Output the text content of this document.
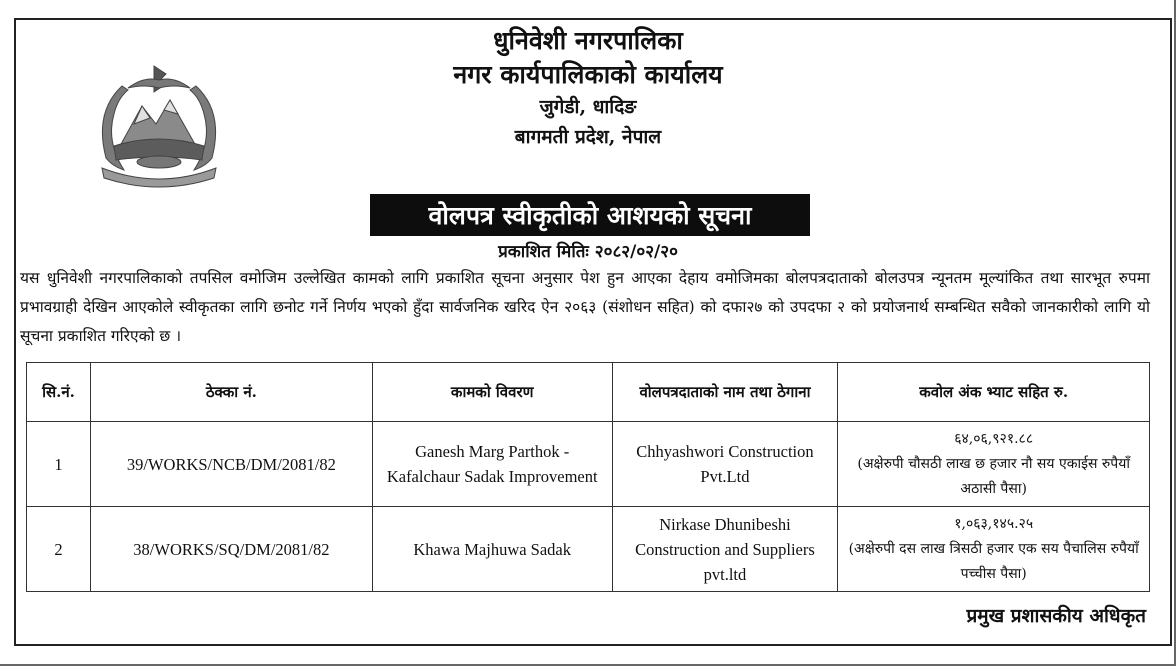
धुनिवेशी नगरपालिका
नगर कार्यपालिकाको कार्यालय
जुगेडी, धादिङ
बागमती प्रदेश, नेपाल
वोलपत्र स्वीकृतीको आशयको सूचना
प्रकाशित मितिः २०८२/०२/२०
यस धुनिवेशी नगरपालिकाको तपसिल वमोजिम उल्लेखित कामको लागि प्रकाशित सूचना अनुसार पेश हुन आएका देहाय वमोजिमका बोलपत्रदाताको बोलउपत्र न्यूनतम मूल्यांकित तथा सारभूत रुपमा प्रभावग्राही देखिन आएकोले स्वीकृतका लागि छनोट गर्ने निर्णय भएको हुँदा सार्वजनिक खरिद ऐन २०६३ (संशोधन सहित) को दफा२७ को उपदफा २ को प्रयोजनार्थ सम्बन्धित सवैको जानकारीको लागि यो सूचना प्रकाशित गरिएको छ ।
सि.नं.	ठेक्का नं.	कामको विवरण	वोलपत्रदाताको नाम तथा ठेगाना	कवोल अंक भ्याट सहित रु.
1	39/WORKS/NCB/DM/2081/82	Ganesh Marg Parthok - Kafalchaur Sadak Improvement	Chhyashwori Construction Pvt.Ltd	६४,०६,९२१.८८
(अक्षेरुपी चौसठी लाख छ हजार नौ सय एकाईस रुपैयाँ अठासी पैसा)

2	38/WORKS/SQ/DM/2081/82	Khawa Majhuwa Sadak	Nirkase Dhunibeshi Construction and Suppliers pvt.ltd	१,०६३,१४५.२५
(अक्षेरुपी दस लाख त्रिसठी हजार एक सय पैचालिस रुपैयाँ पच्चीस पैसा)
प्रमुख प्रशासकीय अधिकृत
